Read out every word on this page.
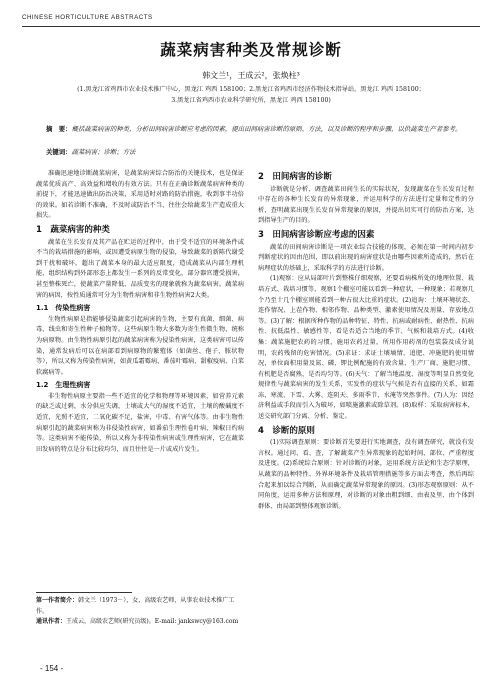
CHINESE HORTICULTURE ABSTRACTS
蔬菜病害种类及常规诊断
韩文兰¹，王成云²，张焕柱³
(1.黑龙江省鸡西市农业技术推广中心，黑龙江 鸡西 158100；2.黑龙江省鸡西市经济作物技术指导站，黑龙江 鸡西 158100；
3.黑龙江省鸡西市农业科学研究所，黑龙江 鸡西 158100)
摘　要：概括蔬菜病害的种类，分析田间病害诊断应考虑的因素，提出田间病害诊断的原则、方法，以及诊断的程序和步骤，以供蔬菜生产者参考。
关键词：蔬菜病害；诊断；方法

准确迅速地诊断蔬菜病害，是蔬菜病害综合防治的关键技术，也是保证蔬菜优质高产、高效益和增收的有效方法。只有在正确诊断蔬菜病害种类的前提下，才能迅速做出防治决策，采用适时对路的防治措施，收到事半功倍的效果。如若诊断不准确，不及时或防治不当，往往会给蔬菜生产造成重大损失。

1　蔬菜病害的种类

蔬菜在生长发育及其产品在贮运的过程中，由于受不适宜的环境条件或不当的栽培措施的影响，或因遭受病原生物的侵染，导致蔬菜的新陈代谢受到干扰和破坏，超出了蔬菜本身的最大适应限度，造成蔬菜从内部生理机能、组织结构到外部形态上都发生一系列的反常变化，部分器官遭受损害，甚至整株死亡，使蔬菜产量降低、品质变劣的现象就称为蔬菜病害。蔬菜病害的病因，按性质通常可分为生物性病害和非生物性病害2大类。

1.1　传染性病害

生物性病原是指能够侵染蔬菜引起病害的生物，主要有真菌、细菌、病毒、线虫和寄生性种子植物等。这些病原生物大多数为寄生性微生物，统称为病原物。由生物性病原引起的蔬菜病害称为侵染性病害，这类病害可以传染，通常发病后可以在病部看到病原物的繁殖体（如菌丝、孢子、脓状物等），所以又称为传染性病害，如黄瓜霜霉病、番茄叶霉病、甜椒疫病、白菜软腐病等。

1.2　生理性病害

非生物性病原主要指一些不适宜的化学和物理等环境因素，如营养元素的缺乏或过剩，水分供应失调，土壤或大气的湿度不适宜，土壤的酸碱度不适宜，光照不适宜，二氧化碳不足，盐害，中毒、有害气体等。由非生物性病原引起的蔬菜病害称为非侵染性病害，如番茄生理性卷叶病、辣椒日灼病等。这类病害不能传染，所以又称为非传染性病害或生理性病害，它在蔬菜田发病的特点是分布比较均匀，而且往往是一片或成片发生。

2　田间病害的诊断

诊断就是分析、调查蔬菜田间生长的实际状况，发现蔬菜在生长发育过程中存在的各种生长发育的异常现象，并运用科学的方法进行定量和定性的分析，查明蔬菜出现生长发育异常现象的原因，并提出切实可行的防治方案，达到指导生产的目的。

3　田间病害诊断应考虑的因素

蔬菜的田间病害诊断是一项农业综合技能的体现，必须在第一时间内初步判断症状的因由范围，即以前出现的病害症状是由哪些因素所造成的，然后在病理症状的基础上，采取科学的方法进行诊断。

(1)观察：应从局部叶片到整株仔细观察，还要看病株所处的地理位置、栽培方式、栽培习惯等，观察1个棚室可能以看到一种症状，一种现象；若观察几个乃至十几个棚室则能看到一种占很大比重的症状。(2)追询：土壤环境状态、连作情况、上茬作物、相邻作物、品种类型、激素使用情况及剂量、存放地点等。(3)了解：根据所种作物的品种特征、特性、抗病或耐病性、耐热性、抗病性、抗低温性、敏感性等，看是否适合当地的季节、气候和栽培方式。(4)收集：蔬菜施肥农药的习惯，施用农药过量，所用作用药剂的包装袋及成分说明，农药残留的危害情况。(5)求证：求证土壤墒情、追肥、冲施肥的使用情况，单位面积用量及氮、磷、钾比例配施的有效含量、生产厂商、施肥习惯、有机肥是否腐熟、是否均匀等。(6)天气：了解当地温度、湿度等明显自然变化规律性与蔬菜病害的发生关系，实发性的症状与气候是否有直接的关系，如霜冻、寒流、下雪、大雾、连阴天、多雨季节、水淹等突然事件。(7)人为：因经济利益或手段而引入为破坏，如喷施激素或除草剂。(8)取样：采取病害标本，送交研究部门分离、分析、鉴定。

4　诊断的原则

(1)实际调查原则：要诊断首先要进行实地调查，没有调查研究，就没有发言权。通过问、看、查，了解蔬菜产生异常现象的起始时间、部位、严重程度及进度。(2)系统综合原则：针对诊断的对象，运用系统方法论和生态学原理，从蔬菜的品种特性、外界环境条件及栽培管理措施等多方面去考查，然后再综合起来加以综合判断，从而确定蔬菜异常现象的原因。(3)形态观察原则：从不同角度，运用多种方法和原理，对诊断的对象由粗到细、由表及里、由个体到群体、由局部到整体观察诊断。

第一作者简介：韩文兰（1973－），女，高级农艺师，从事农业技术推广工作。
通讯作者：王成云，高级农艺师(研究员级)。E-mail: jankswcy@163.com
- 154 -
